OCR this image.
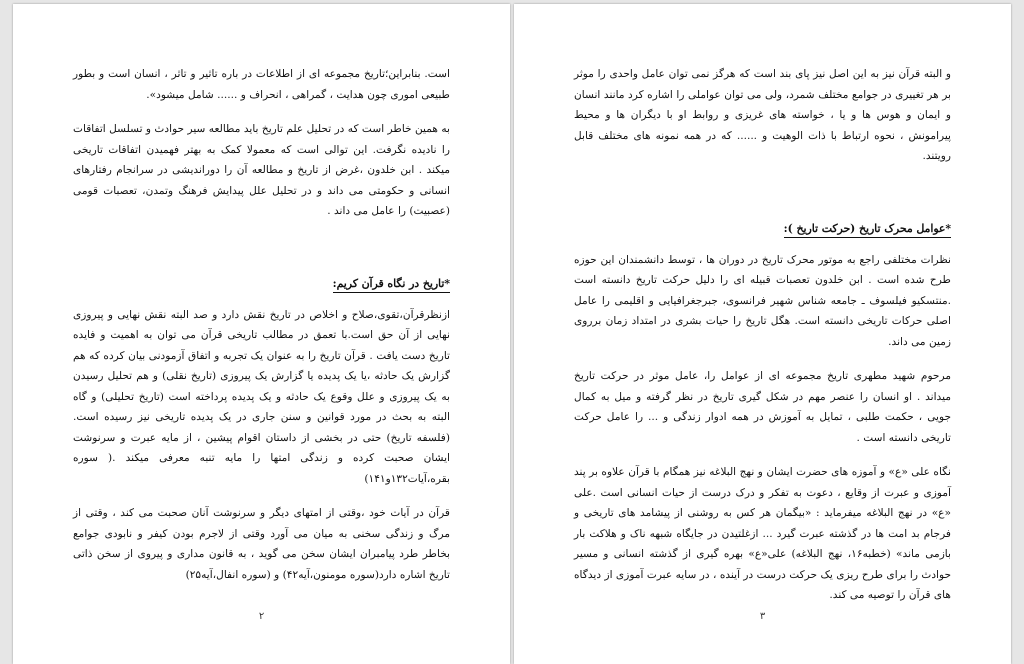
است. بنابراین؛تاریخ مجموعه ای از اطلاعات در باره تاثیر و تاثر ، انسان است و بطور طبیعی اموری چون هدایت ، گمراهی ، انحراف و ...... شامل میشود».

به همین خاطر است که در تحلیل علم تاریخ باید مطالعه سیر حوادث و تسلسل اتفاقات را نادیده نگرفت. این توالی است که معمولا کمک به بهتر فهمیدن اتفاقات تاریخی میکند . ابن خلدون ،غرض از تاریخ و مطالعه آن را دوراندیشی در سرانجام رفتارهای انسانی و حکومتی می داند و در تحلیل علل پیدایش فرهنگ وتمدن، تعصبات قومی (عصبیت) را عامل می داند .

*تاریخ در نگاه قرآن کریم:

ازنظرقرآن،تقوی،صلاح و اخلاص در تاریخ نقش دارد و صد البته نقش نهایی و پیروزی نهایی از آن حق است.با تعمق در مطالب تاریخی قرآن می توان به اهمیت و فایده تاریخ دست یافت . قرآن تاریخ را به عنوان یک تجربه و اتفاق آزمودنی بیان کرده که هم گزارش یک حادثه ،یا یک پدیده یا گزارش یک پیروزی (تاریخ نقلی) و هم تحلیل رسیدن به یک پیروزی و علل وقوع یک حادثه و یک پدیده پرداخته است (تاریخ تحلیلی) و گاه البته به بحث در مورد قوانین و سنن جاری در یک پدیده تاریخی نیز رسیده است.(فلسفه تاریخ) حتی در بخشی از داستان اقوام پیشین ، از مایه عبرت و سرنوشت ایشان صحبت کرده و زندگی امتها را مایه تنبه معرفی میکند .( سوره بقره،آیات۱۳۲و۱۴۱)

قرآن در آیات خود ،وقتی از امتهای دیگر و سرنوشت آنان صحبت می کند ، وقتی از مرگ و زندگی سخنی به میان می آورد وقتی از لاجرم بودن کیفر و نابودی جوامع بخاطر طرد پیامبران ایشان سخن می گوید ، به قانون مداری و پیروی از سخن ذاتی تاریخ اشاره دارد(سوره مومنون،آیه۴۲) و (سوره انفال،آیه۲۵)

۲

و البته قرآن نیز به این اصل نیز پای بند است که هرگز نمی توان عامل واحدی را موثر بر هر تغییری در جوامع مختلف شمرد، ولی می توان عواملی را اشاره کرد مانند انسان و ایمان و هوس ها و یا ، خواسته های غریزی و روابط او با دیگران ها و محیط پیرامونش ، نحوه ارتباط با ذات الوهیت و ...... که در همه نمونه های مختلف قابل رویتند.

*عوامل محرک تاریخ (حرکت تاریخ ):

نظرات مختلفی راجع به موتور محرک تاریخ در دوران ها ، توسط دانشمندان این حوزه طرح شده است . ابن خلدون تعصبات قبیله ای را دلیل حرکت تاریخ دانسته است .منتسکیو فیلسوف ـ جامعه شناس شهیر فرانسوی، جبرجغرافیایی و اقلیمی را عامل اصلی حرکات تاریخی دانسته است. هگل تاریخ را حیات بشری در امتداد زمان برروی زمین می داند.

مرحوم شهید مطهری تاریخ مجموعه ای از عوامل را، عامل موثر در حرکت تاریخ میداند . او انسان را عنصر مهم در شکل گیری تاریخ در نظر گرفته و میل به کمال جویی ، حکمت طلبی ، تمایل به آموزش در همه ادوار زندگی و ... را عامل حرکت تاریخی دانسته است .

نگاه علی «ع» و آموزه های حضرت ایشان و نهج البلاغه نیز همگام با قرآن علاوه بر پند آموزی و عبرت از وقایع ، دعوت به تفکر و درک درست از حیات انسانی است .علی «ع» در نهج البلاغه میفرماید : «بیگمان هر کس به روشنی از پیشامد های تاریخی و فرجام بد امت ها در گذشته عبرت گیرد ... ازغلتیدن در جایگاه شبهه ناک و هلاکت بار بازمی ماند» (خطبه۱۶، نهج البلاغه) علی«ع» بهره گیری از گذشته انسانی و مسیر حوادث را برای طرح ریزی یک حرکت درست در آینده ، در سایه عبرت آموزی از دیدگاه های قرآن را توصیه می کند.

۳
